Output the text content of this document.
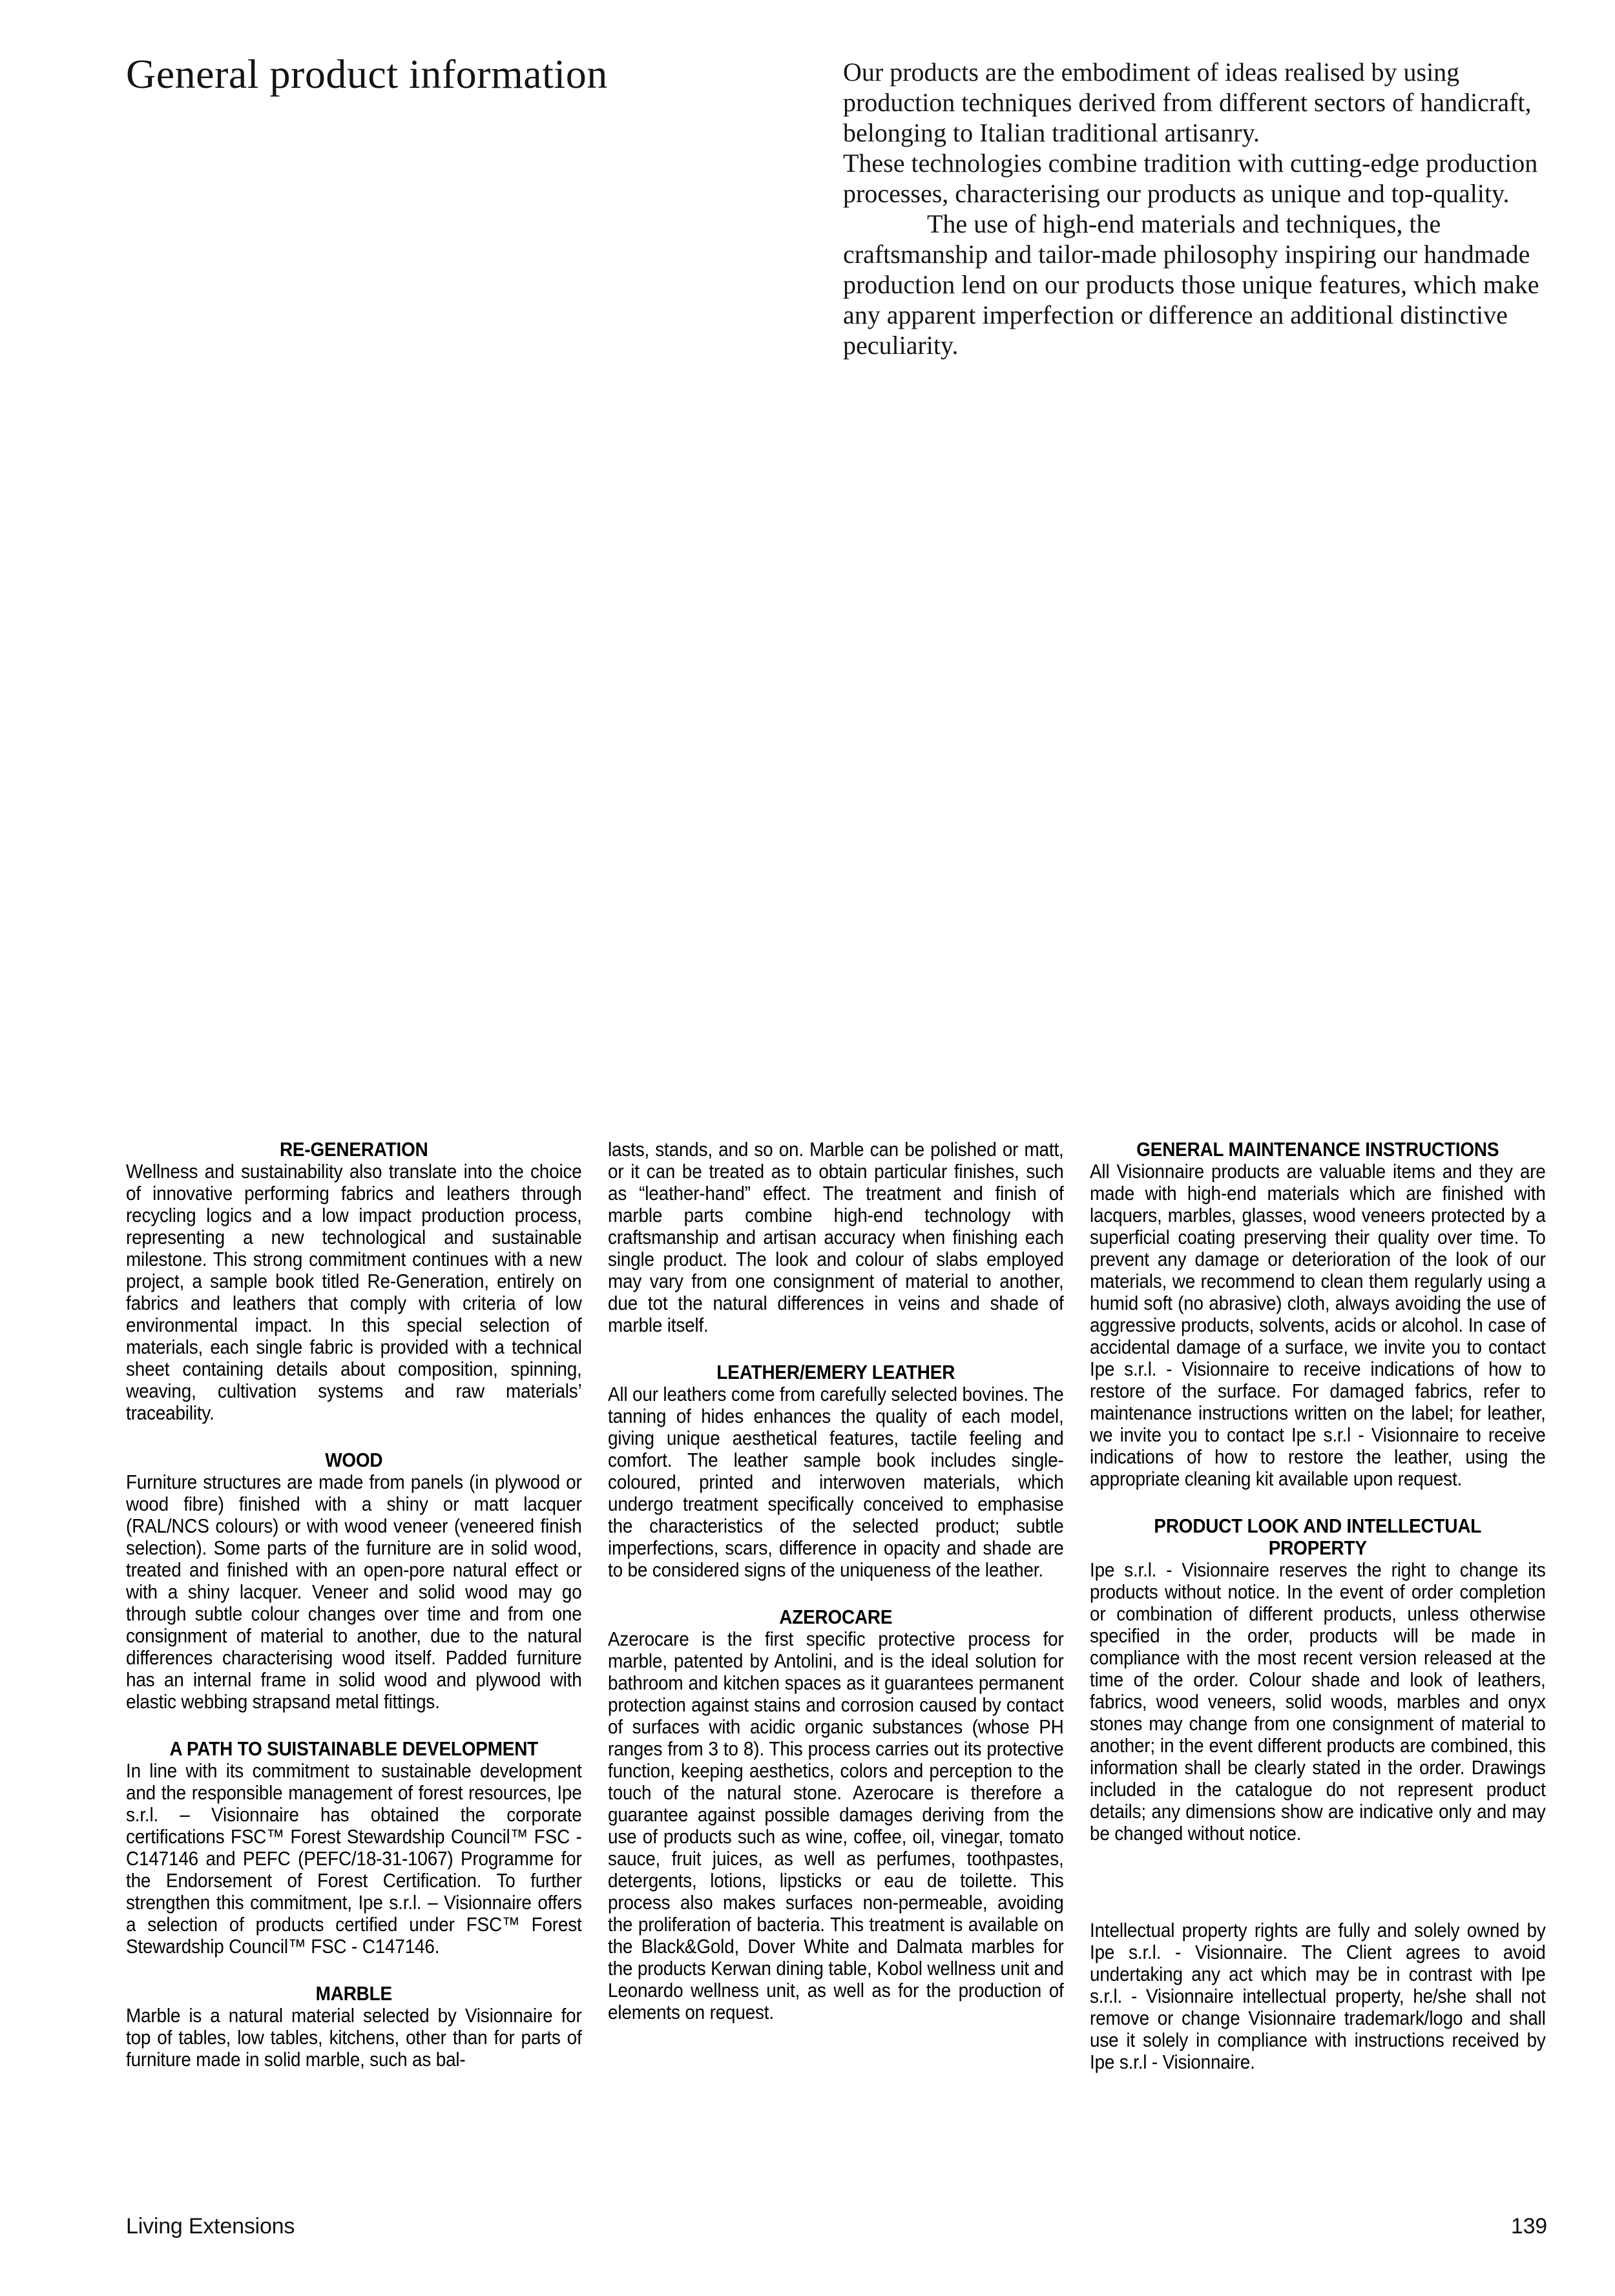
General product information	Our products are the embodiment of ideas realised by using production techniques derived from different sectors of handicraft, belonging to Italian traditional artisanry.

These technologies combine tradition with cutting-edge production processes, characterising our products as unique and top-quality.

The use of high-end materials and techniques, the craftsmanship and tailor-made philosophy inspiring our handmade production lend on our products those unique features, which make any apparent imperfection or difference an additional distinctive peculiarity.

RE-GENERATION

Wellness and sustainability also translate into the choice of innovative performing fabrics and leathers through recycling logics and a low impact production process, representing a new technological and sustainable milestone. This strong commitment continues with a new project, a sample book titled Re-Generation, entirely on fabrics and leathers that comply with criteria of low environmental impact. In this special selection of materials, each single fabric is provided with a technical sheet containing details about composition, spinning, weaving, cultivation systems and raw materials’ traceability.

WOOD

Furniture structures are made from panels (in plywood or wood fibre) finished with a shiny or matt lacquer (RAL/NCS colours) or with wood veneer (veneered finish selection). Some parts of the furniture are in solid wood, treated and finished with an open-pore natural effect or with a shiny lacquer. Veneer and solid wood may go through subtle colour changes over time and from one consignment of material to another, due to the natural differences characterising wood itself. Padded furniture has an internal frame in solid wood and plywood with elastic webbing strapsand metal fittings.

A PATH TO SUISTAINABLE DEVELOPMENT

In line with its commitment to sustainable development and the responsible management of forest resources, Ipe s.r.l. – Visionnaire has obtained the corporate certifications FSC™ Forest Stewardship Council™ FSC - C147146 and PEFC (PEFC/18-31-1067) Programme for the Endorsement of Forest Certification. To further strengthen this commitment, Ipe s.r.l. – Visionnaire offers a selection of products certified under FSC™ Forest Stewardship Council™ FSC - C147146.

MARBLE

Marble is a natural material selected by Visionnaire for top of tables, low tables, kitchens, other than for parts of furniture made in solid marble, such as bal-

lasts, stands, and so on. Marble can be polished or matt, or it can be treated as to obtain particular finishes, such as “leather-hand” effect. The treatment and finish of marble parts combine high-end technology with craftsmanship and artisan accuracy when finishing each single product. The look and colour of slabs employed may vary from one consignment of material to another, due tot the natural differences in veins and shade of marble itself.

LEATHER/EMERY LEATHER

All our leathers come from carefully selected bovines. The tanning of hides enhances the quality of each model, giving unique aesthetical features, tactile feeling and comfort. The leather sample book includes single-coloured, printed and interwoven materials, which undergo treatment specifically conceived to emphasise the characteristics of the selected product; subtle imperfections, scars, difference in opacity and shade are to be considered signs of the uniqueness of the leather.

AZEROCARE

Azerocare is the first specific protective process for marble, patented by Antolini, and is the ideal solution for bathroom and kitchen spaces as it guarantees permanent protection against stains and corrosion caused by contact of surfaces with acidic organic substances (whose PH ranges from 3 to 8). This process carries out its protective function, keeping aesthetics, colors and perception to the touch of the natural stone. Azerocare is therefore a guarantee against possible damages deriving from the use of products such as wine, coffee, oil, vinegar, tomato sauce, fruit juices, as well as perfumes, toothpastes, detergents, lotions, lipsticks or eau de toilette. This process also makes surfaces non-permeable, avoiding the proliferation of bacteria. This treatment is available on the Black&Gold, Dover White and Dalmata marbles for the products Kerwan dining table, Kobol wellness unit and Leonardo wellness unit, as well as for the production of elements on request.

GENERAL MAINTENANCE INSTRUCTIONS

All Visionnaire products are valuable items and they are made with high-end materials which are finished with lacquers, marbles, glasses, wood veneers protected by a superficial coating preserving their quality over time. To prevent any damage or deterioration of the look of our materials, we recommend to clean them regularly using a humid soft (no abrasive) cloth, always avoiding the use of aggressive products, solvents, acids or alcohol. In case of accidental damage of a surface, we invite you to contact Ipe s.r.l. - Visionnaire to receive indications of how to restore of the surface. For damaged fabrics, refer to maintenance instructions written on the label; for leather, we invite you to contact Ipe s.r.l - Visionnaire to receive indications of how to restore the leather, using the appropriate cleaning kit available upon request.

PRODUCT LOOK AND INTELLECTUAL PROPERTY

Ipe s.r.l. - Visionnaire reserves the right to change its products without notice. In the event of order completion or combination of different products, unless otherwise specified in the order, products will be made in compliance with the most recent version released at the time of the order. Colour shade and look of leathers, fabrics, wood veneers, solid woods, marbles and onyx stones may change from one consignment of material to another; in the event different products are combined, this information shall be clearly stated in the order. Drawings included in the catalogue do not represent product details; any dimensions show are indicative only and may be changed without notice.

Intellectual property rights are fully and solely owned by Ipe s.r.l. - Visionnaire. The Client agrees to avoid undertaking any act which may be in contrast with Ipe s.r.l. - Visionnaire intellectual property, he/she shall not remove or change Visionnaire trademark/logo and shall use it solely in compliance with instructions received by Ipe s.r.l - Visionnaire.

Living Extensions	139
